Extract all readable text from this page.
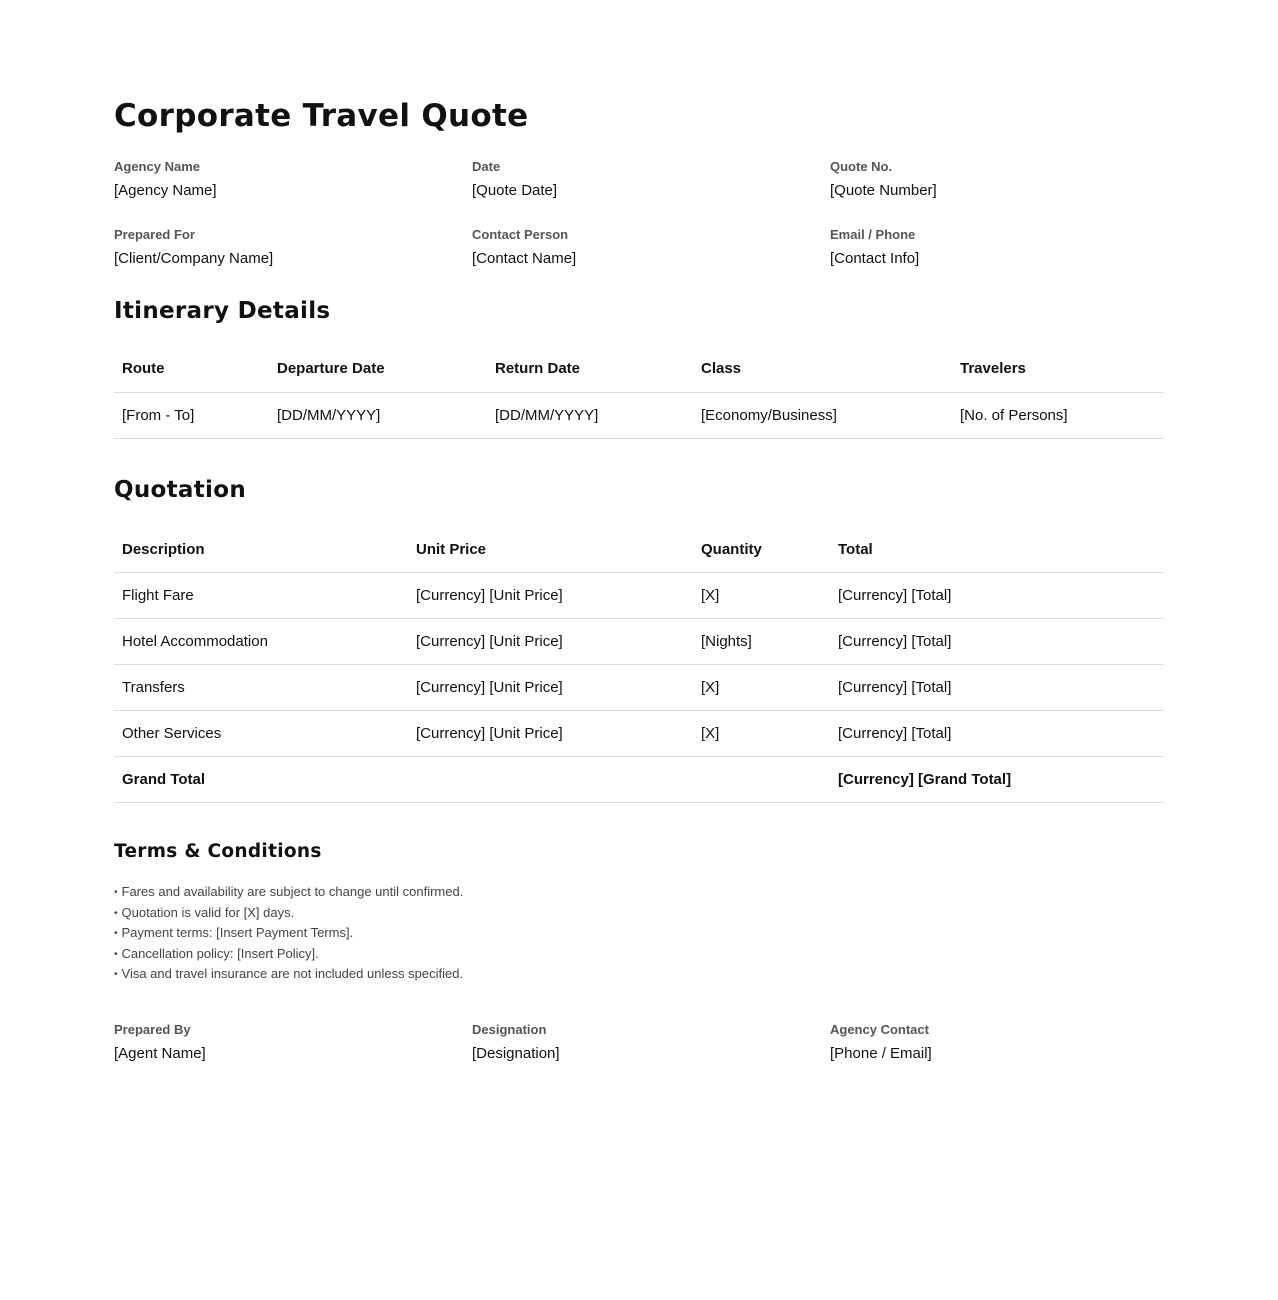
Corporate Travel Quote
Agency Name
[Agency Name]
Date
[Quote Date]
Quote No.
[Quote Number]
Prepared For
[Client/Company Name]
Contact Person
[Contact Name]
Email / Phone
[Contact Info]
Itinerary Details
Route	Departure Date	Return Date	Class	Travelers
[From - To]	[DD/MM/YYYY]	[DD/MM/YYYY]	[Economy/Business]	[No. of Persons]
Quotation
Description	Unit Price	Quantity	Total
Flight Fare	[Currency] [Unit Price]	[X]	[Currency] [Total]
Hotel Accommodation	[Currency] [Unit Price]	[Nights]	[Currency] [Total]
Transfers	[Currency] [Unit Price]	[X]	[Currency] [Total]
Other Services	[Currency] [Unit Price]	[X]	[Currency] [Total]
Grand Total			[Currency] [Grand Total]
Terms & Conditions
• Fares and availability are subject to change until confirmed.
• Quotation is valid for [X] days.
• Payment terms: [Insert Payment Terms].
• Cancellation policy: [Insert Policy].
• Visa and travel insurance are not included unless specified.
Prepared By
[Agent Name]
Designation
[Designation]
Agency Contact
[Phone / Email]
